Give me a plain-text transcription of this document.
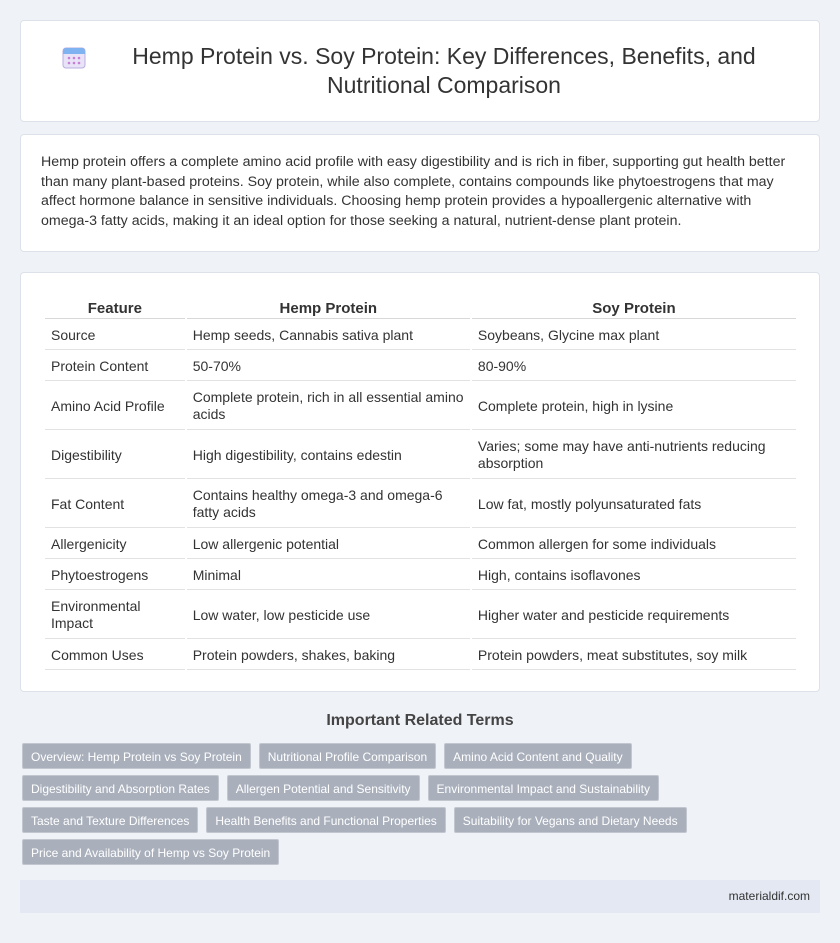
Hemp Protein vs. Soy Protein: Key Differences, Benefits, and Nutritional Comparison

Hemp protein offers a complete amino acid profile with easy digestibility and is rich in fiber, supporting gut health better than many plant-based proteins. Soy protein, while also complete, contains compounds like phytoestrogens that may affect hormone balance in sensitive individuals. Choosing hemp protein provides a hypoallergenic alternative with omega-3 fatty acids, making it an ideal option for those seeking a natural, nutrient-dense plant protein.

Feature	Hemp Protein	Soy Protein
Source	Hemp seeds, Cannabis sativa plant	Soybeans, Glycine max plant
Protein Content	50-70%	80-90%
Amino Acid Profile	Complete protein, rich in all essential amino acids	Complete protein, high in lysine
Digestibility	High digestibility, contains edestin	Varies; some may have anti-nutrients reducing absorption
Fat Content	Contains healthy omega-3 and omega-6 fatty acids	Low fat, mostly polyunsaturated fats
Allergenicity	Low allergenic potential	Common allergen for some individuals
Phytoestrogens	Minimal	High, contains isoflavones
Environmental Impact	Low water, low pesticide use	Higher water and pesticide requirements
Common Uses	Protein powders, shakes, baking	Protein powders, meat substitutes, soy milk
Important Related Terms
Overview: Hemp Protein vs Soy Protein	Nutritional Profile Comparison	Amino Acid Content and Quality
Digestibility and Absorption Rates	Allergen Potential and Sensitivity	Environmental Impact and Sustainability
Taste and Texture Differences	Health Benefits and Functional Properties	Suitability for Vegans and Dietary Needs
Price and Availability of Hemp vs Soy Protein
materialdif.com
